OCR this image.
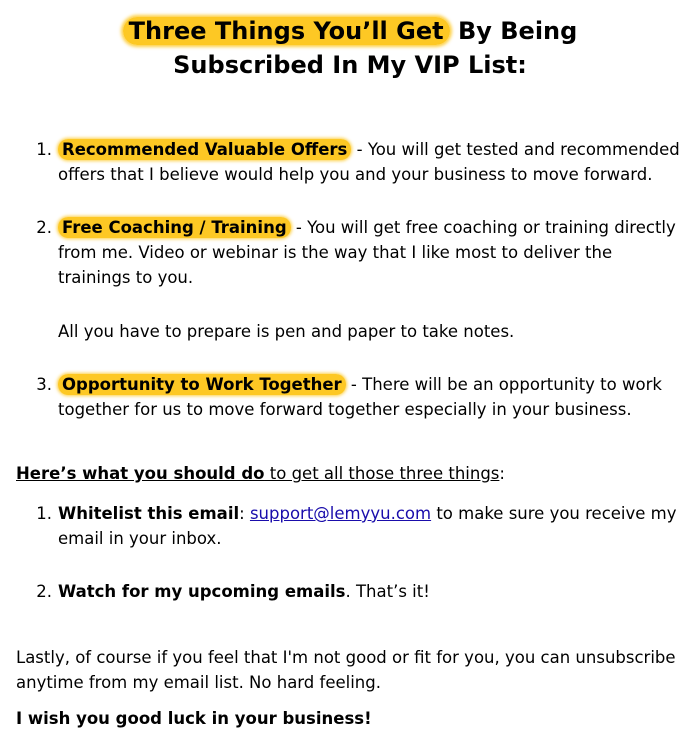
Three Things You’ll Get By Being
Subscribed In My VIP List:
1. Recommended Valuable Offers - You will get tested and recommended offers that I believe would help you and your business to move forward.
2. Free Coaching / Training - You will get free coaching or training directly from me. Video or webinar is the way that I like most to deliver the trainings to you.
All you have to prepare is pen and paper to take notes.
3. Opportunity to Work Together - There will be an opportunity to work together for us to move forward together especially in your business.

Here’s what you should do to get all those three things:

1. Whitelist this email: support@lemyyu.com to make sure you receive my email in your inbox.
2. Watch for my upcoming emails. That’s it!

Lastly, of course if you feel that I'm not good or fit for you, you can unsubscribe anytime from my email list. No hard feeling.

I wish you good luck in your business!
